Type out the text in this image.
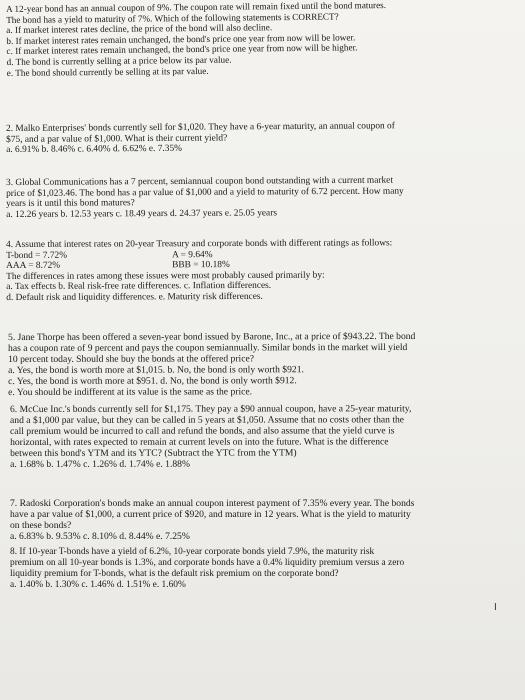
A 12-year bond has an annual coupon of 9%. The coupon rate will remain fixed until the bond matures.
The bond has a yield to maturity of 7%. Which of the following statements is CORRECT?
a. If market interest rates decline, the price of the bond will also decline.
b. If market interest rates remain unchanged, the bond's price one year from now will be lower.
c. If market interest rates remain unchanged, the bond's price one year from now will be higher.
d. The bond is currently selling at a price below its par value.
e. The bond should currently be selling at its par value.
2. Malko Enterprises' bonds currently sell for $1,020. They have a 6-year maturity, an annual coupon of
$75, and a par value of $1,000. What is their current yield?
a. 6.91% b. 8.46% c. 6.40% d. 6.62% e. 7.35%
3. Global Communications has a 7 percent, semiannual coupon bond outstanding with a current market
price of $1,023.46. The bond has a par value of $1,000 and a yield to maturity of 6.72 percent. How many
years is it until this bond matures?
a. 12.26 years b. 12.53 years c. 18.49 years d. 24.37 years e. 25.05 years
4. Assume that interest rates on 20-year Treasury and corporate bonds with different ratings as follows:
T-bond = 7.72%	A = 9.64%
AAA = 8.72%	BBB = 10.18%
The differences in rates among these issues were most probably caused primarily by:
a. Tax effects b. Real risk-free rate differences. c. Inflation differences.
d. Default risk and liquidity differences. e. Maturity risk differences.
5. Jane Thorpe has been offered a seven-year bond issued by Barone, Inc., at a price of $943.22. The bond
has a coupon rate of 9 percent and pays the coupon semiannually. Similar bonds in the market will yield
10 percent today. Should she buy the bonds at the offered price?
a. Yes, the bond is worth more at $1,015. b. No, the bond is only worth $921.
c. Yes, the bond is worth more at $951. d. No, the bond is only worth $912.
e. You should be indifferent at its value is the same as the price.
6. McCue Inc.'s bonds currently sell for $1,175. They pay a $90 annual coupon, have a 25-year maturity,
and a $1,000 par value, but they can be called in 5 years at $1,050. Assume that no costs other than the
call premium would be incurred to call and refund the bonds, and also assume that the yield curve is
horizontal, with rates expected to remain at current levels on into the future. What is the difference
between this bond's YTM and its YTC? (Subtract the YTC from the YTM)
a. 1.68% b. 1.47% c. 1.26% d. 1.74% e. 1.88%
7. Radoski Corporation's bonds make an annual coupon interest payment of 7.35% every year. The bonds
have a par value of $1,000, a current price of $920, and mature in 12 years. What is the yield to maturity
on these bonds?
a. 6.83% b. 9.53% c. 8.10% d. 8.44% e. 7.25%
8. If 10-year T-bonds have a yield of 6.2%, 10-year corporate bonds yield 7.9%, the maturity risk
premium on all 10-year bonds is 1.3%, and corporate bonds have a 0.4% liquidity premium versus a zero
liquidity premium for T-bonds, what is the default risk premium on the corporate bond?
a. 1.40% b. 1.30% c. 1.46% d. 1.51% e. 1.60%
I
